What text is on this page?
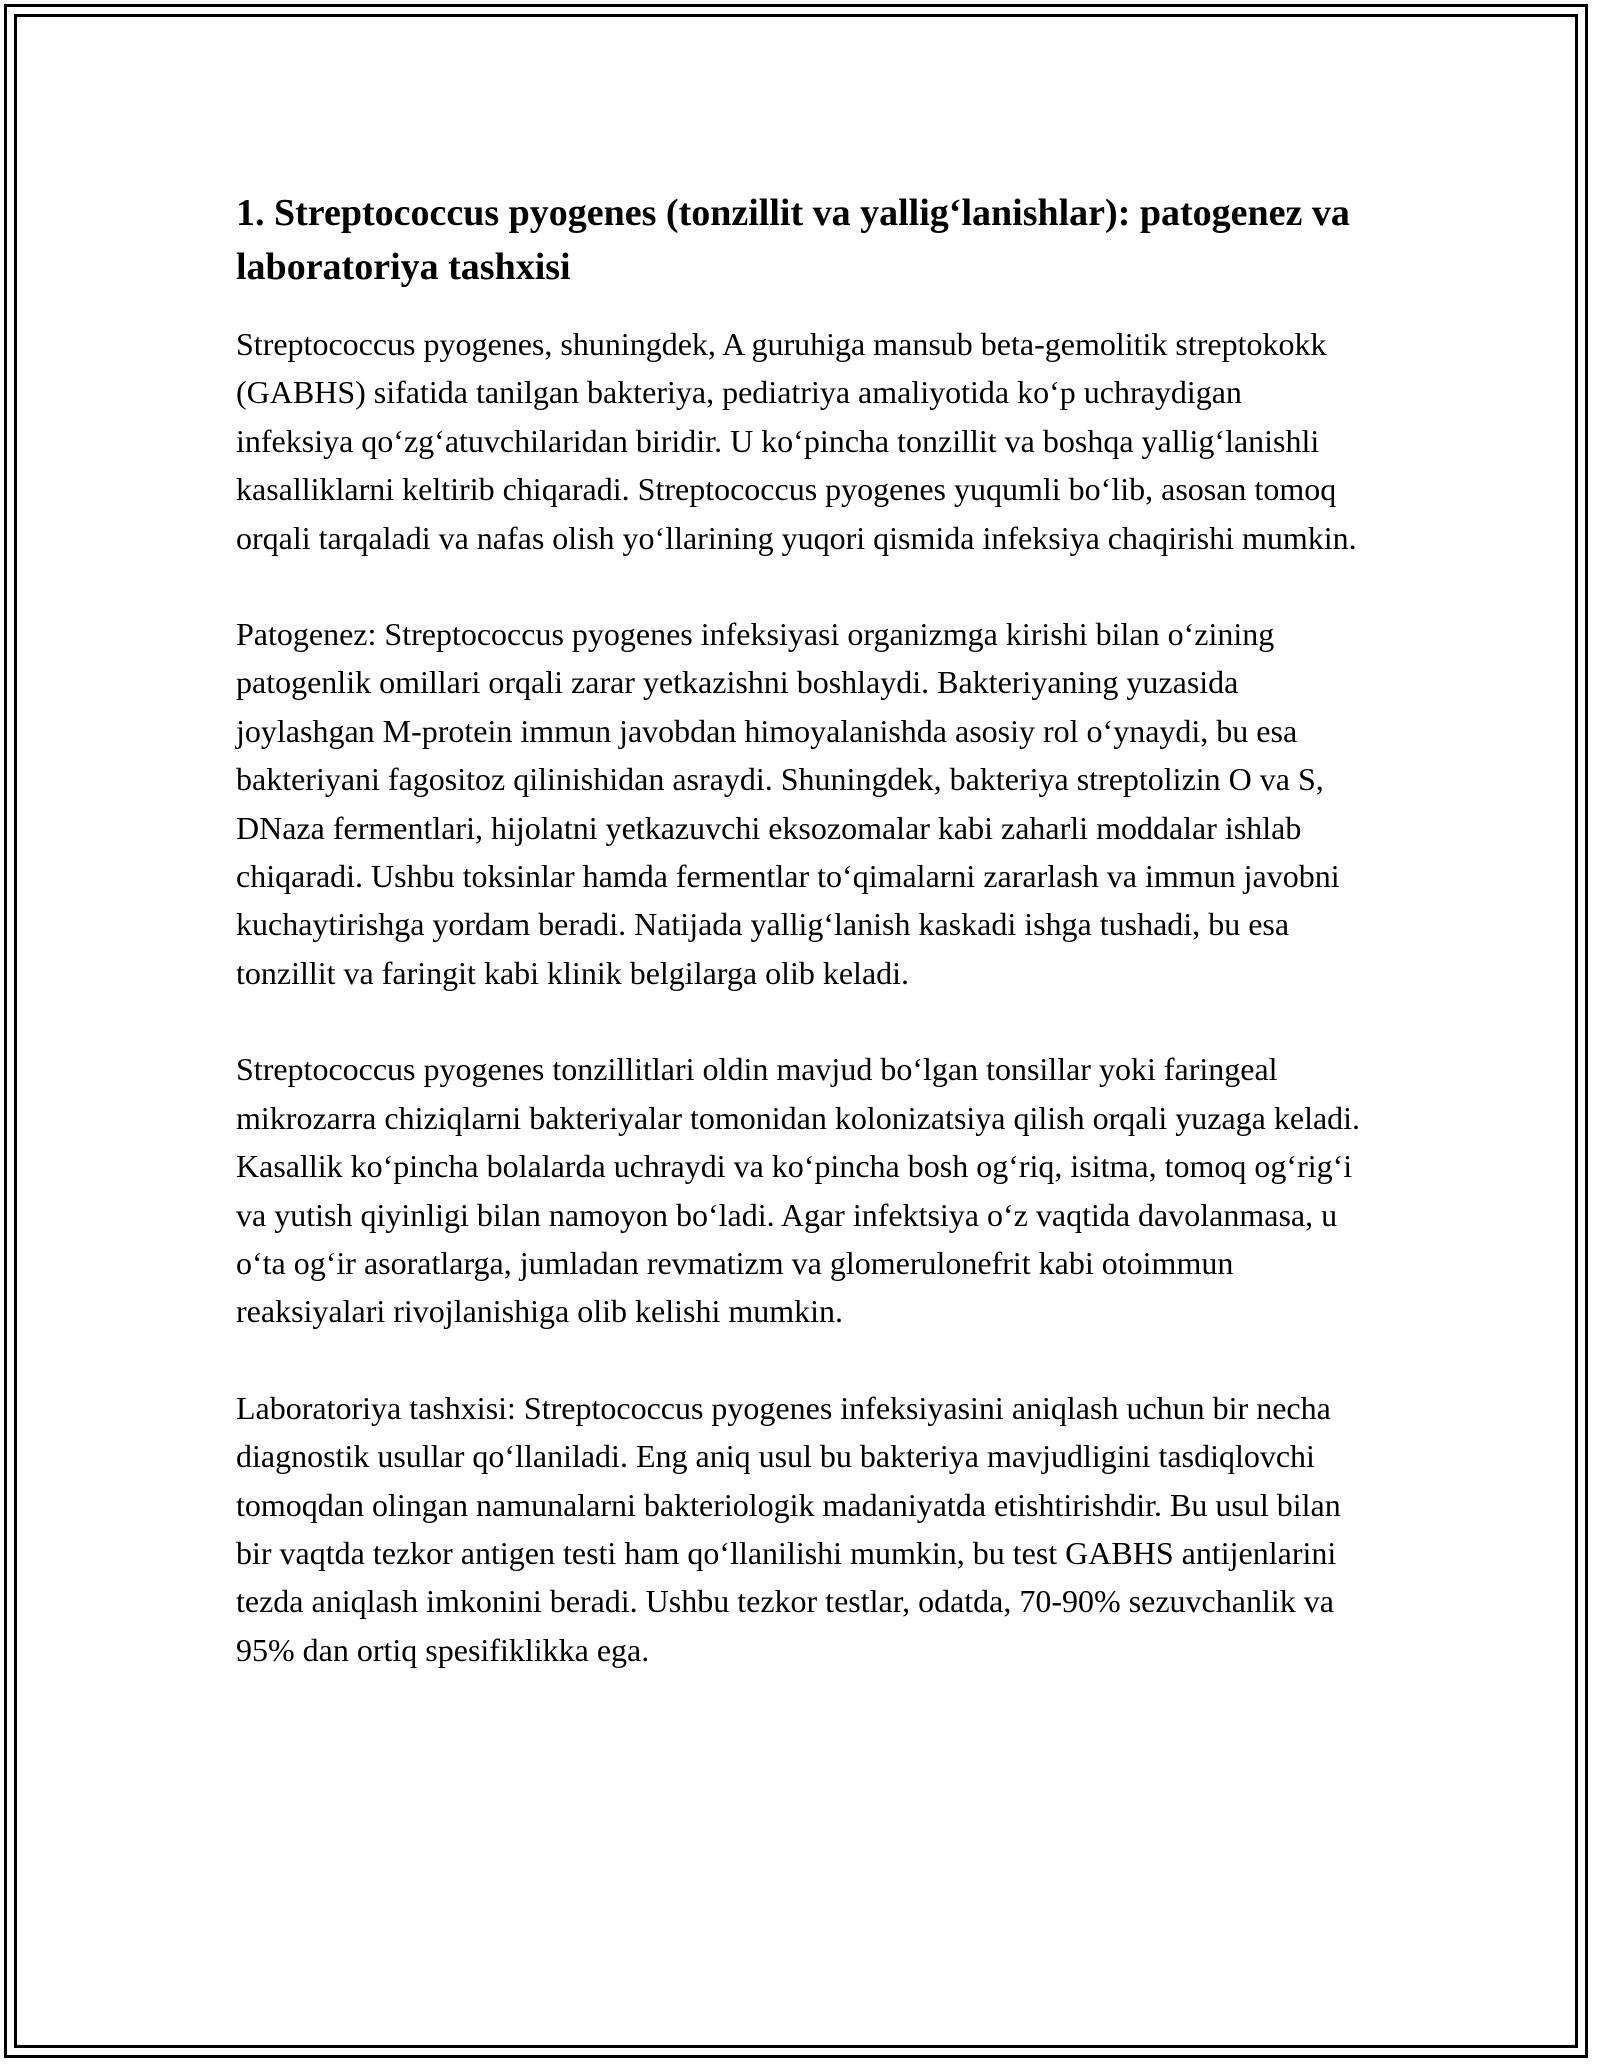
1. Streptococcus pyogenes (tonzillit va yallig‘lanishlar): patogenez va laboratoriya tashxisi

Streptococcus pyogenes, shuningdek, A guruhiga mansub beta-gemolitik streptokokk (GABHS) sifatida tanilgan bakteriya, pediatriya amaliyotida ko‘p uchraydigan infeksiya qo‘zg‘atuvchilaridan biridir. U ko‘pincha tonzillit va boshqa yallig‘lanishli kasalliklarni keltirib chiqaradi. Streptococcus pyogenes yuqumli bo‘lib, asosan tomoq orqali tarqaladi va nafas olish yo‘llarining yuqori qismida infeksiya chaqirishi mumkin.

Patogenez: Streptococcus pyogenes infeksiyasi organizmga kirishi bilan o‘zining patogenlik omillari orqali zarar yetkazishni boshlaydi. Bakteriyaning yuzasida joylashgan M-protein immun javobdan himoyalanishda asosiy rol o‘ynaydi, bu esa bakteriyani fagositoz qilinishidan asraydi. Shuningdek, bakteriya streptolizin O va S, DNaza fermentlari, hijolatni yetkazuvchi eksozomalar kabi zaharli moddalar ishlab chiqaradi. Ushbu toksinlar hamda fermentlar to‘qimalarni zararlash va immun javobni kuchaytirishga yordam beradi. Natijada yallig‘lanish kaskadi ishga tushadi, bu esa tonzillit va faringit kabi klinik belgilarga olib keladi.

Streptococcus pyogenes tonzillitlari oldin mavjud bo‘lgan tonsillar yoki faringeal mikrozarra chiziqlarni bakteriyalar tomonidan kolonizatsiya qilish orqali yuzaga keladi. Kasallik ko‘pincha bolalarda uchraydi va ko‘pincha bosh og‘riq, isitma, tomoq og‘rig‘i va yutish qiyinligi bilan namoyon bo‘ladi. Agar infektsiya o‘z vaqtida davolanmasa, u o‘ta og‘ir asoratlarga, jumladan revmatizm va glomerulonefrit kabi otoimmun reaksiyalari rivojlanishiga olib kelishi mumkin.

Laboratoriya tashxisi: Streptococcus pyogenes infeksiyasini aniqlash uchun bir necha diagnostik usullar qo‘llaniladi. Eng aniq usul bu bakteriya mavjudligini tasdiqlovchi tomoqdan olingan namunalarni bakteriologik madaniyatda etishtirishdir. Bu usul bilan bir vaqtda tezkor antigen testi ham qo‘llanilishi mumkin, bu test GABHS antijenlarini tezda aniqlash imkonini beradi. Ushbu tezkor testlar, odatda, 70-90% sezuvchanlik va 95% dan ortiq spesifiklikka ega.
